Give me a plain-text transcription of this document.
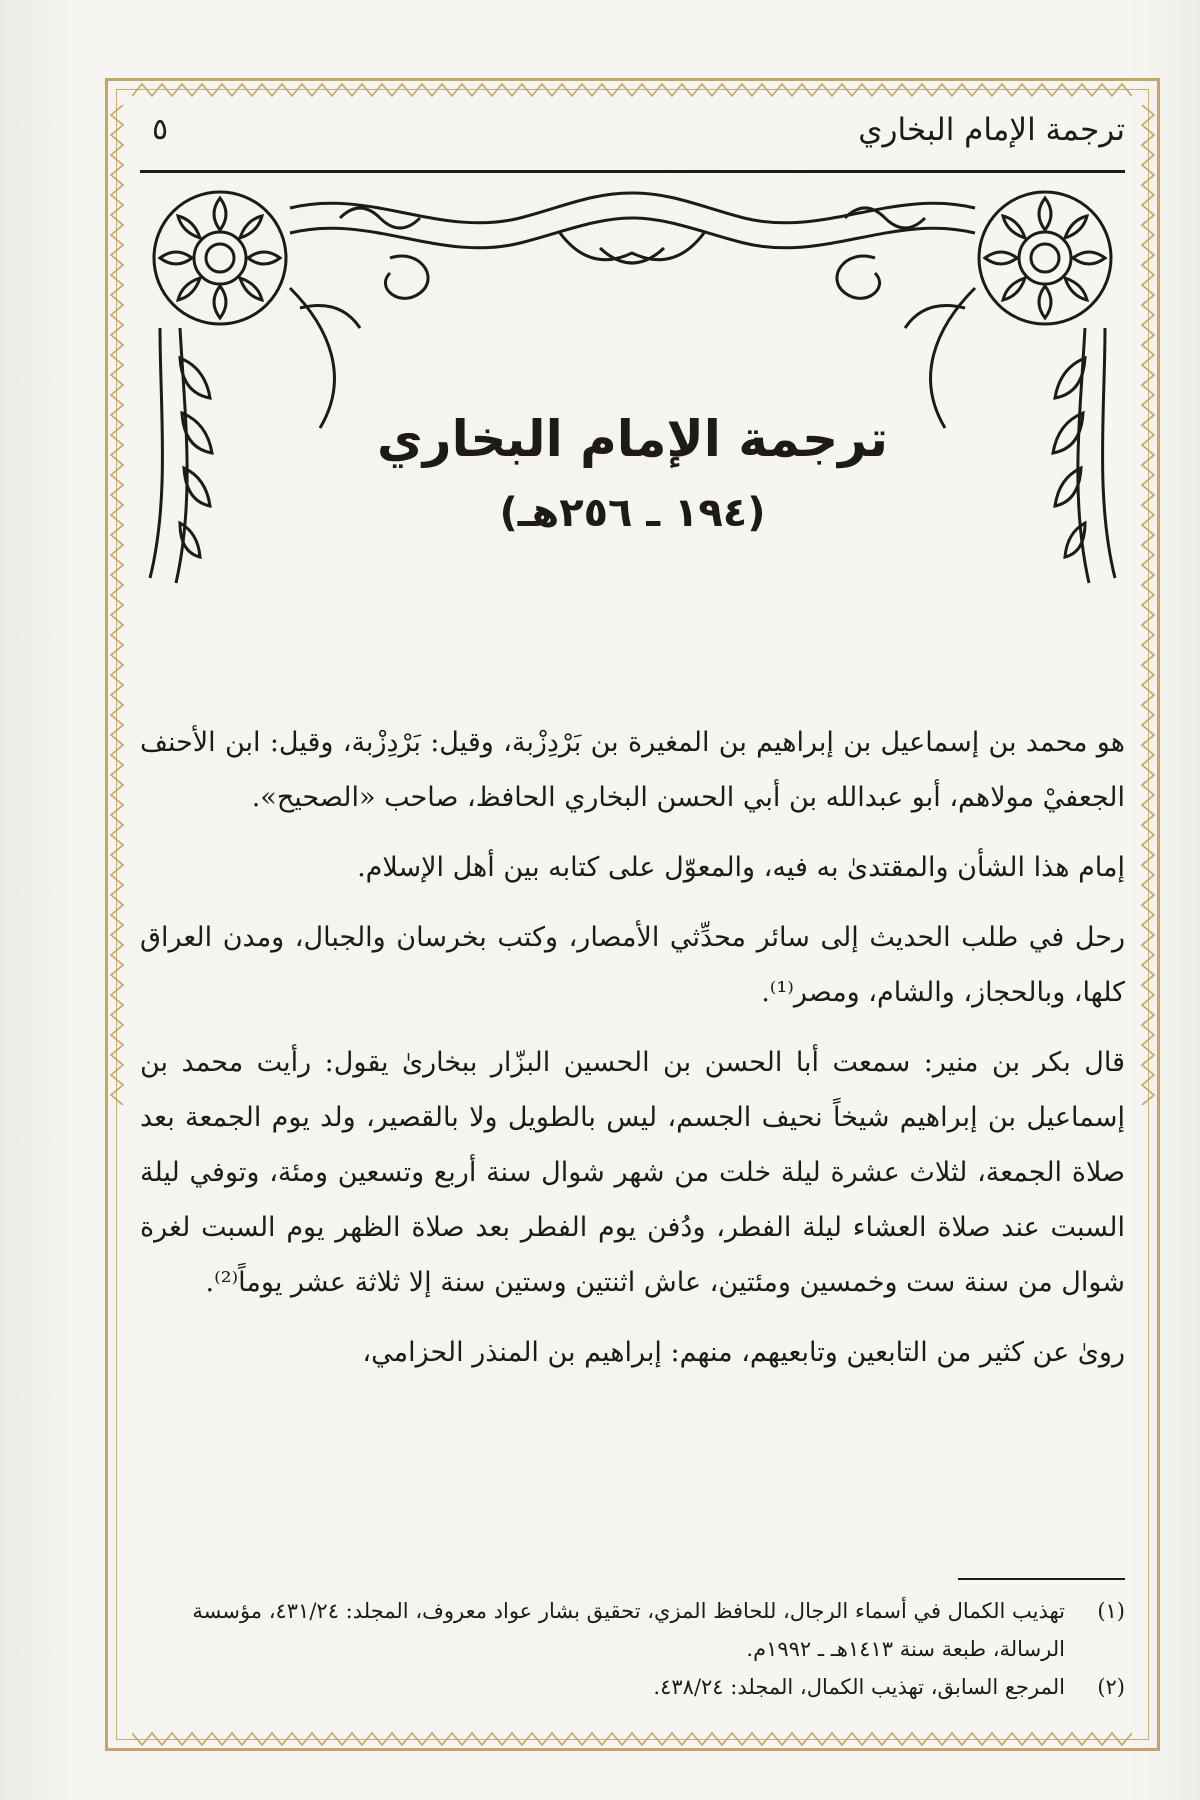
ترجمة الإمام البخاري
٥
ترجمة الإمام البخاري
(١٩٤ ـ ٢٥٦هـ)

هو محمد بن إسماعيل بن إبراهيم بن المغيرة بن بَرْدِزْبة، وقيل: بَرْدِزْبة، وقيل: ابن الأحنف الجعفيْ مولاهم، أبو عبدالله بن أبي الحسن البخاري الحافظ، صاحب «الصحيح».

إمام هذا الشأن والمقتدىٰ به فيه، والمعوّل على كتابه بين أهل الإسلام.

رحل في طلب الحديث إلى سائر محدِّثي الأمصار، وكتب بخرسان والجبال، ومدن العراق كلها، وبالحجاز، والشام، ومصر⁽¹⁾.

قال بكر بن منير: سمعت أبا الحسن بن الحسين البزّار ببخارىٰ يقول: رأيت محمد بن إسماعيل بن إبراهيم شيخاً نحيف الجسم، ليس بالطويل ولا بالقصير، ولد يوم الجمعة بعد صلاة الجمعة، لثلاث عشرة ليلة خلت من شهر شوال سنة أربع وتسعين ومئة، وتوفي ليلة السبت عند صلاة العشاء ليلة الفطر، ودُفن يوم الفطر بعد صلاة الظهر يوم السبت لغرة شوال من سنة ست وخمسين ومئتين، عاش اثنتين وستين سنة إلا ثلاثة عشر يوماً⁽²⁾.

روىٰ عن كثير من التابعين وتابعيهم، منهم: إبراهيم بن المنذر الحزامي،

(١)

تهذيب الكمال في أسماء الرجال، للحافظ المزي، تحقيق بشار عواد معروف، المجلد: ٤٣١/٢٤، مؤسسة الرسالة، طبعة سنة ١٤١٣هـ ـ ١٩٩٢م.

(٢)

المرجع السابق، تهذيب الكمال، المجلد: ٤٣٨/٢٤.
